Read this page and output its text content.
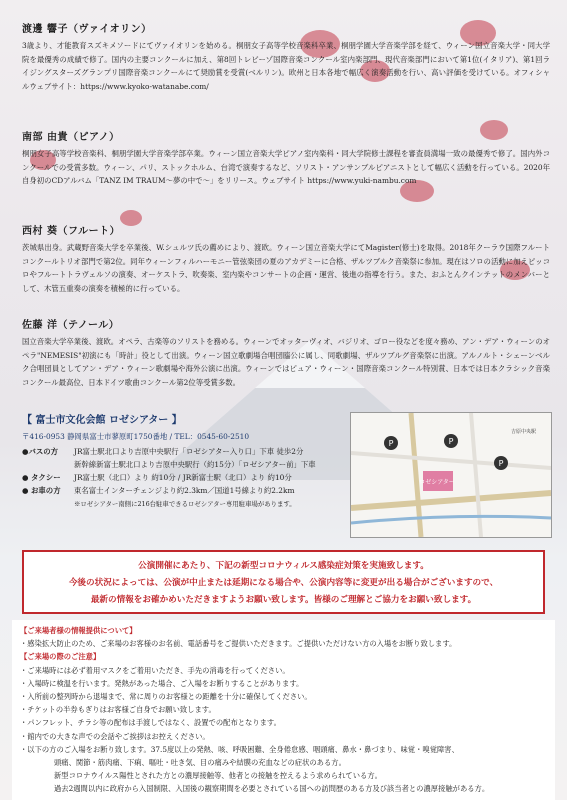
渡邊 響子（ヴァイオリン）

3歳より、才能教育スズキメソードにてヴァイオリンを始める。桐朋女子高等学校音楽科卒業、桐朋学園大学音楽学部を経て、ウィーン国立音楽大学・同大学院を最優秀の成績で修了。国内の主要コンクールに加え、第8回トレビーゾ国際音楽コンクール室内楽部門、現代音楽部門において第1位(イタリア)、第1回ライジングスターズグランプリ国際音楽コンクールにて奨励賞を受賞(ベルリン)。欧州と日本各地で幅広く演奏活動を行い、高い評価を受けている。オフィシャルウェブサイト：https://www.kyoko-watanabe.com/

南部 由貴（ピアノ）

桐朋女子高等学校音楽科、桐朋学園大学音楽学部卒業。ウィーン国立音楽大学ピアノ室内楽科・同大学院修士課程を審査員満場一致の最優秀で修了。国内外コンクールでの受賞多数。ウィーン、パリ、ストックホルム、台湾で演奏するなど、ソリスト・アンサンブルピアニストとして幅広く活動を行っている。2020年自身初のCDアルバム「TANZ IM TRAUM〜夢の中で〜」をリリース。ウェブサイト https://www.yuki-nambu.com

西村 葵（フルート）

茨城県出身。武蔵野音楽大学を卒業後、W.シュルツ氏の薦めにより、渡欧。ウィーン国立音楽大学にてMagister(修士)を取得。2018年クーラウ国際フルートコンクールトリオ部門で第2位。同年ウィーンフィルハーモニー管弦楽団の夏のアカデミーに合格、ザルツブルク音楽祭に参加。現在はソロの活動に加えピッコロやフルートトラヴェルソの演奏、オーケストラ、吹奏楽、室内楽やコンサートの企画・運営、後進の指導を行う。また、おふとんクインテットのメンバーとして、木管五重奏の演奏を積極的に行っている。

佐藤 洋（テノール）

国立音楽大学卒業後、渡欧。オペラ、古楽等のソリストを務める。ウィーンでオッターヴィオ、バジリオ、ゴロー役などを度々務め、アン・デア・ウィーンのオペラ"NEMESIS"初演にも「時計」役として出演。ウィーン国立歌劇場合唱団臨公に属し、同歌劇場、ザルツブルグ音楽祭に出演。アルノルト・シェーンベルク合唱団員としてアン・デア・ウィーン歌劇場や海外公演に出演。ウィーンではピュア・ウィーン・国際音楽コンクール特別賞、日本では日本クラシック音楽コンクール最高位、日本ドイツ歌曲コンクール第2位等受賞多数。

【 富士市文化会館 ロゼシアター 】
〒416-0953 静岡県富士市蓼原町1750番地 / TEL：0545-60-2510
●バスの方	JR富士駅北口より吉原中央駅行「ロゼシアター入り口」下車 徒歩2分
新幹線新富士駅北口より吉原中央駅行（約15分）「ロゼシアター前」下車
● タクシー	JR富士駅（北口）より 約10分 / JR新富士駅（北口）より 約10分
● お車の方	東名富士インターチェンジより約2.3km／国道1号線より約2.2km
※ロゼシアター南側に216台駐車できるロゼシアター専用駐車場があります。
ロゼシアター
吉原中央駅
P	P
P

公演開催にあたり、下記の新型コロナウィルス感染症対策を実施致します。

今後の状況によっては、公演が中止または延期になる場合や、公演内容等に変更が出る場合がございますので、

最新の情報をお確かめいただきますようお願い致します。皆様のご理解とご協力をお願い致します。

【ご来場者様の情報提供について】
・感染拡大防止のため、ご来場のお客様のお名前、電話番号をご提供いただきます。ご提供いただけない方の入場をお断り致します。
【ご来場の際のご注意】
・ご来場時には必ず着用マスクをご着用いただき、手先の消毒を行ってください。
・入場時に検温を行います。発熱があった場合、ご入場をお断りすることがあります。
・入所前の整列時から退場まで、常に周りのお客様との距離を十分に確保してください。
・チケットの半券もぎりはお客様ご自身でお願い致します。
・パンフレット、チラシ等の配布は手渡しではなく、設置での配布となります。
・館内での大きな声での会話やご挨拶はお控えください。
・以下の方のご入場をお断り致します。37.5度以上の発熱、咳、呼吸困難、全身倦怠感、咽頭痛、鼻水・鼻づまり、味覚・嗅覚障害、
頭痛、関節・筋肉痛、下痢、嘔吐・吐き気、目の痛みや結膜の充血などの症状のある方。
新型コロナウイルス陽性とされた方との濃厚接触等、他者との接触を控えるよう求められている方。
過去2週間以内に政府から入国制限、入国後の観察期間を必要とされている国への訪問歴のある方及び該当者との濃厚接触がある方。
